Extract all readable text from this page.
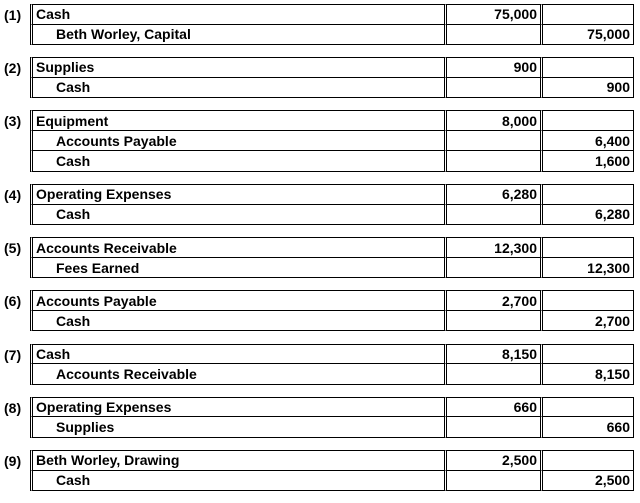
(1) Cash	75,000	
Beth Worley, Capital		75,000
(2) Supplies	900	
Cash		900
(3) Equipment	8,000	
Accounts Payable		6,400
Cash		1,600
(4) Operating Expenses	6,280	
Cash		6,280
(5) Accounts Receivable	12,300	
Fees Earned		12,300
(6) Accounts Payable	2,700	
Cash		2,700
(7) Cash	8,150	
Accounts Receivable		8,150
(8) Operating Expenses	660	
Supplies		660
(9) Beth Worley, Drawing	2,500	
Cash		2,500
